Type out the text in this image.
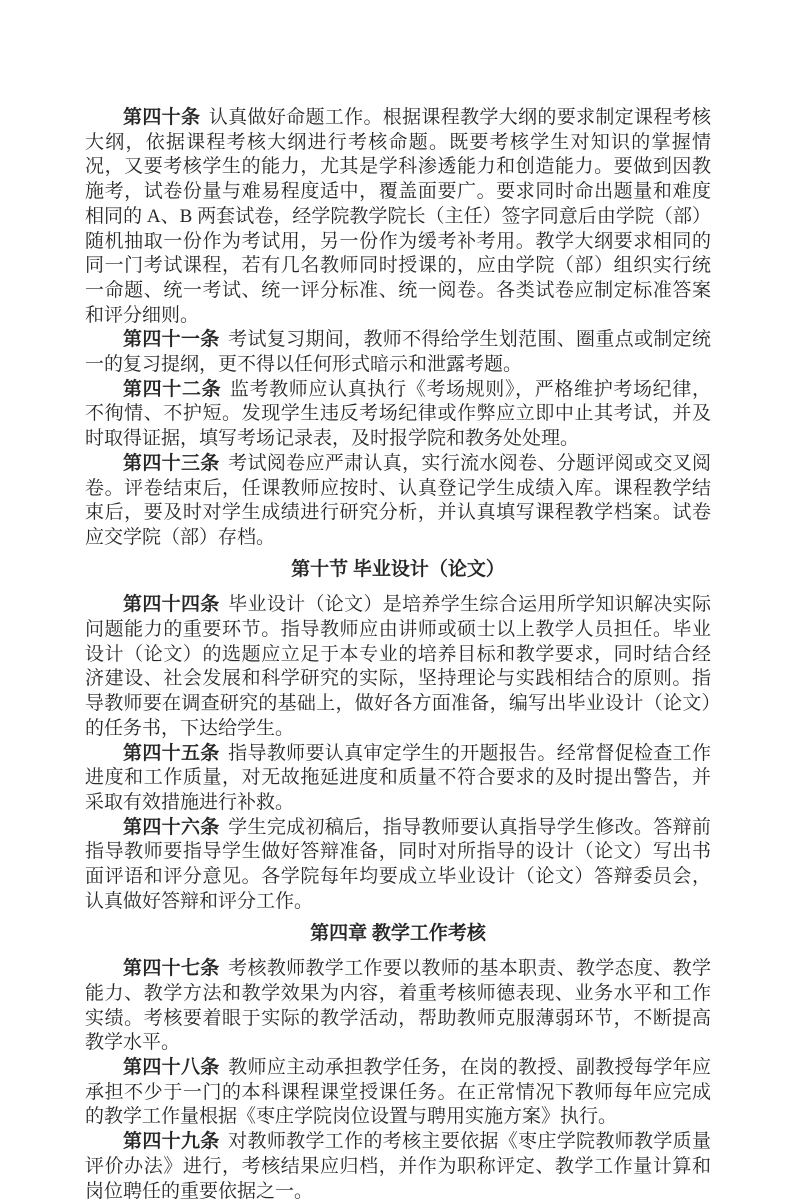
第四十条 认真做好命题工作。根据课程教学大纲的要求制定课程考核大纲，依据课程考核大纲进行考核命题。既要考核学生对知识的掌握情况，又要考核学生的能力，尤其是学科渗透能力和创造能力。要做到因教施考，试卷份量与难易程度适中，覆盖面要广。要求同时命出题量和难度相同的 A、B 两套试卷，经学院教学院长（主任）签字同意后由学院（部）随机抽取一份作为考试用，另一份作为缓考补考用。教学大纲要求相同的同一门考试课程，若有几名教师同时授课的，应由学院（部）组织实行统一命题、统一考试、统一评分标准、统一阅卷。各类试卷应制定标准答案和评分细则。

第四十一条 考试复习期间，教师不得给学生划范围、圈重点或制定统一的复习提纲，更不得以任何形式暗示和泄露考题。

第四十二条 监考教师应认真执行《考场规则》，严格维护考场纪律，不徇情、不护短。发现学生违反考场纪律或作弊应立即中止其考试，并及时取得证据，填写考场记录表，及时报学院和教务处处理。

第四十三条 考试阅卷应严肃认真，实行流水阅卷、分题评阅或交叉阅卷。评卷结束后，任课教师应按时、认真登记学生成绩入库。课程教学结束后，要及时对学生成绩进行研究分析，并认真填写课程教学档案。试卷应交学院（部）存档。

第十节 毕业设计（论文）

第四十四条 毕业设计（论文）是培养学生综合运用所学知识解决实际问题能力的重要环节。指导教师应由讲师或硕士以上教学人员担任。毕业设计（论文）的选题应立足于本专业的培养目标和教学要求，同时结合经济建设、社会发展和科学研究的实际，坚持理论与实践相结合的原则。指导教师要在调查研究的基础上，做好各方面准备，编写出毕业设计（论文）的任务书，下达给学生。

第四十五条 指导教师要认真审定学生的开题报告。经常督促检查工作进度和工作质量，对无故拖延进度和质量不符合要求的及时提出警告，并采取有效措施进行补救。

第四十六条 学生完成初稿后，指导教师要认真指导学生修改。答辩前指导教师要指导学生做好答辩准备，同时对所指导的设计（论文）写出书面评语和评分意见。各学院每年均要成立毕业设计（论文）答辩委员会，认真做好答辩和评分工作。

第四章 教学工作考核

第四十七条 考核教师教学工作要以教师的基本职责、教学态度、教学能力、教学方法和教学效果为内容，着重考核师德表现、业务水平和工作实绩。考核要着眼于实际的教学活动，帮助教师克服薄弱环节，不断提高教学水平。

第四十八条 教师应主动承担教学任务，在岗的教授、副教授每学年应承担不少于一门的本科课程课堂授课任务。在正常情况下教师每年应完成的教学工作量根据《枣庄学院岗位设置与聘用实施方案》执行。

第四十九条 对教师教学工作的考核主要依据《枣庄学院教师教学质量评价办法》进行，考核结果应归档，并作为职称评定、教学工作量计算和岗位聘任的重要依据之一。
